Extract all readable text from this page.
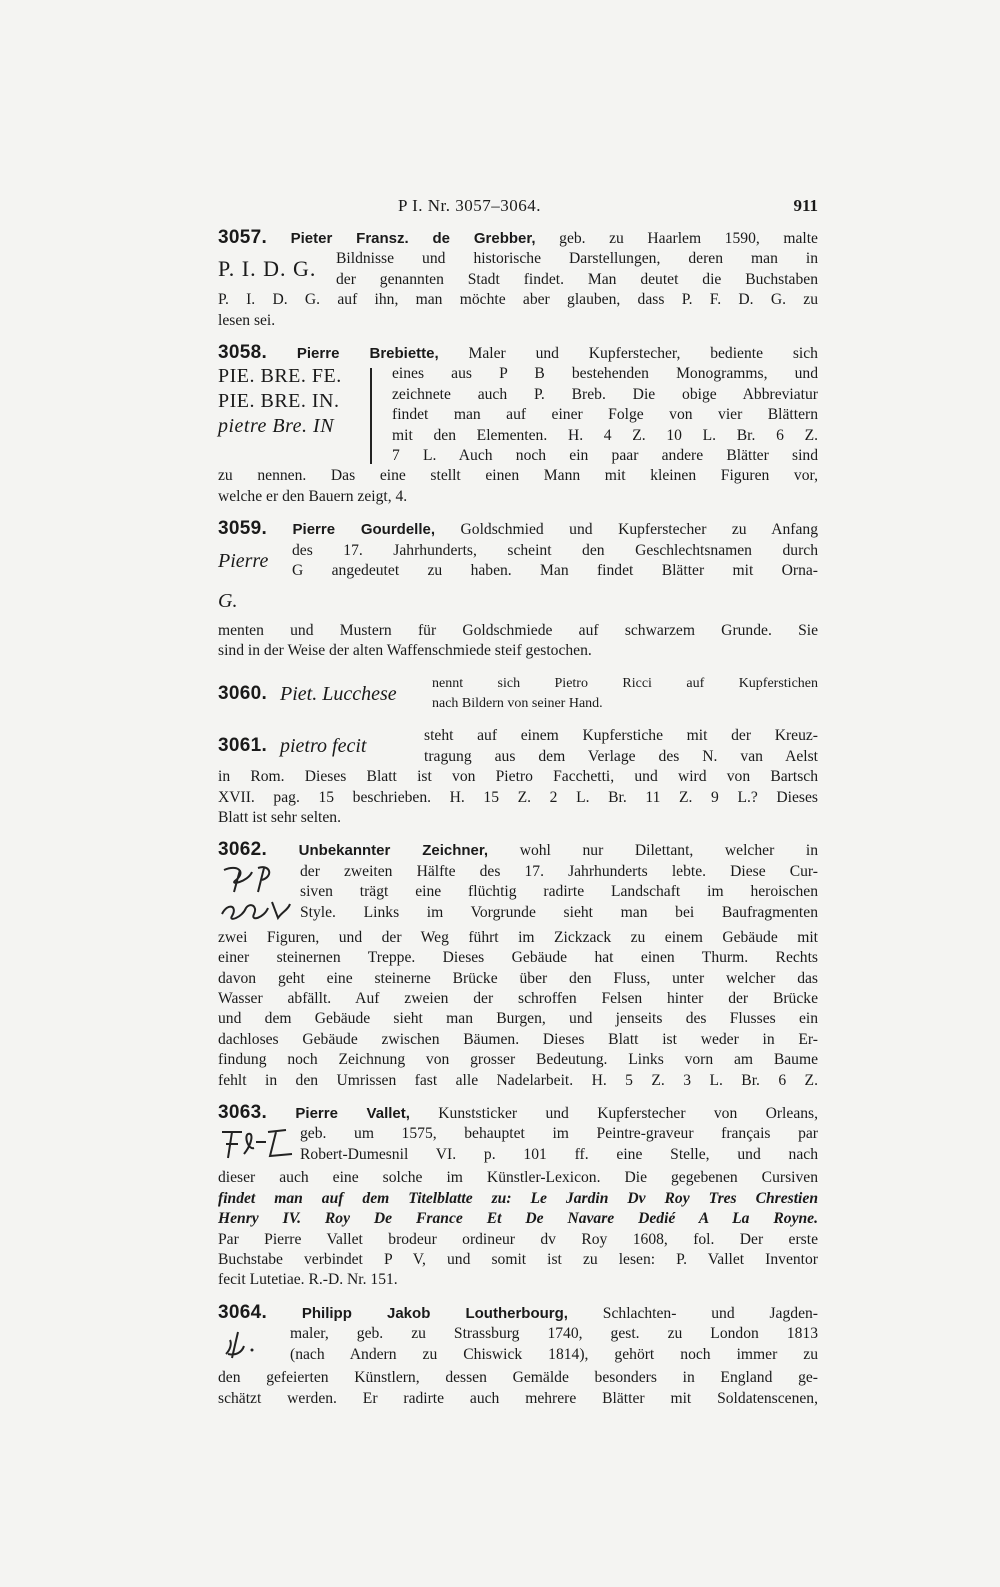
P I. Nr. 3057–3064.	911
3057. Pieter Fransz. de Grebber, geb. zu Haarlem 1590, malte
P. I. D. G.	Bildnisse und historische Darstellungen, deren man in
der genannten Stadt findet. Man deutet die Buchstaben
P. I. D. G. auf ihn, man möchte aber glauben, dass P. F. D. G. zu
lesen sei.
3058. Pierre Brebiette, Maler und Kupferstecher, bediente sich
PIE. BRE. FE.
PIE. BRE. IN.
pietre Bre. IN
eines aus P B bestehenden Monogramms, und
zeichnete auch P. Breb. Die obige Abbreviatur
findet man auf einer Folge von vier Blättern
mit den Elementen. H. 4 Z. 10 L. Br. 6 Z.
7 L. Auch noch ein paar andere Blätter sind
zu nennen. Das eine stellt einen Mann mit kleinen Figuren vor,
welche er den Bauern zeigt, 4.
3059. Pierre Gourdelle, Goldschmied und Kupferstecher zu Anfang
Pierre G.
des 17. Jahrhunderts, scheint den Geschlechtsnamen durch
G angedeutet zu haben. Man findet Blätter mit Orna-
menten und Mustern für Goldschmiede auf schwarzem Grunde. Sie
sind in der Weise der alten Waffenschmiede steif gestochen.
3060. Piet. Lucchese	nennt sich Pietro Ricci auf Kupferstichen
nach Bildern von seiner Hand.
3061. pietro fecit	steht auf einem Kupferstiche mit der Kreuz-
tragung aus dem Verlage des N. van Aelst
in Rom. Dieses Blatt ist von Pietro Facchetti, und wird von Bartsch
XVII. pag. 15 beschrieben. H. 15 Z. 2 L. Br. 11 Z. 9 L.? Dieses
Blatt ist sehr selten.
3062. Unbekannter Zeichner, wohl nur Dilettant, welcher in
der zweiten Hälfte des 17. Jahrhunderts lebte. Diese Cur-
siven trägt eine flüchtig radirte Landschaft im heroischen
Style. Links im Vorgrunde sieht man bei Baufragmenten
zwei Figuren, und der Weg führt im Zickzack zu einem Gebäude mit
einer steinernen Treppe. Dieses Gebäude hat einen Thurm. Rechts
davon geht eine steinerne Brücke über den Fluss, unter welcher das
Wasser abfällt. Auf zweien der schroffen Felsen hinter der Brücke
und dem Gebäude sieht man Burgen, und jenseits des Flusses ein
dachloses Gebäude zwischen Bäumen. Dieses Blatt ist weder in Er-
findung noch Zeichnung von grosser Bedeutung. Links vorn am Baume
fehlt in den Umrissen fast alle Nadelarbeit. H. 5 Z. 3 L. Br. 6 Z.
3063. Pierre Vallet, Kunststicker und Kupferstecher von Orleans,
geb. um 1575, behauptet im Peintre-graveur français par
Robert-Dumesnil VI. p. 101 ff. eine Stelle, und nach
dieser auch eine solche im Künstler-Lexicon. Die gegebenen Cursiven
findet man auf dem Titelblatte zu: Le Jardin Dv Roy Tres Chrestien
Henry IV. Roy De France Et De Navare Dedié A La Royne.
Par Pierre Vallet brodeur ordineur dv Roy 1608, fol. Der erste
Buchstabe verbindet P V, und somit ist zu lesen: P. Vallet Inventor
fecit Lutetiae. R.-D. Nr. 151.
3064. Philipp Jakob Loutherbourg, Schlachten- und Jagden-
maler, geb. zu Strassburg 1740, gest. zu London 1813
(nach Andern zu Chiswick 1814), gehört noch immer zu
den gefeierten Künstlern, dessen Gemälde besonders in England ge-
schätzt werden. Er radirte auch mehrere Blätter mit Soldatenscenen,
